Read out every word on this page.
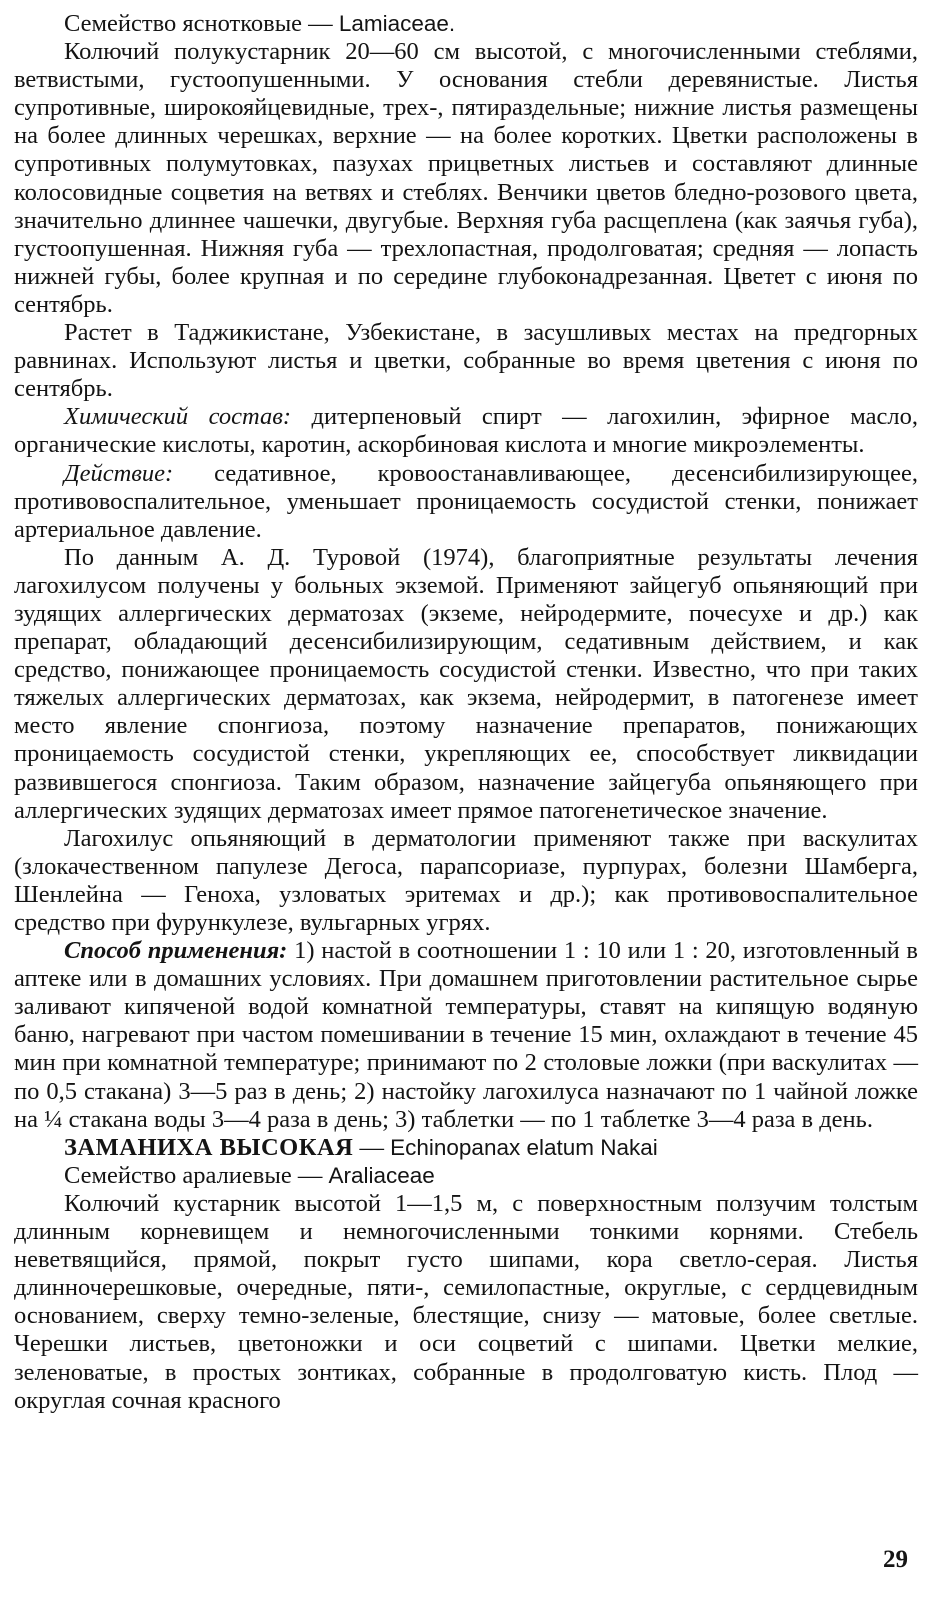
Семейство яснотковые — Lamiaceae.

Колючий полукустарник 20—60 см высотой, с многочисленными стеблями, ветвистыми, густоопушенными. У основания стебли деревянистые. Листья супротивные, широкояйцевидные, трех-, пятираздельные; нижние листья размещены на более длинных черешках, верхние — на более коротких. Цветки расположены в супротивных полумутовках, пазухах прицветных листьев и составляют длинные колосовидные соцветия на ветвях и стеблях. Венчики цветов бледно-розового цвета, значительно длиннее чашечки, двугубые. Верхняя губа расщеплена (как заячья губа), густоопушенная. Нижняя губа — трехлопастная, продолговатая; средняя — лопасть нижней губы, более крупная и по середине глубоконадрезанная. Цветет с июня по сентябрь.

Растет в Таджикистане, Узбекистане, в засушливых местах на предгорных равнинах. Используют листья и цветки, собранные во время цветения с июня по сентябрь.

Химический состав: дитерпеновый спирт — лагохилин, эфирное масло, органические кислоты, каротин, аскорбиновая кислота и многие микроэлементы.

Действие: седативное, кровоостанавливающее, десенсибилизирующее, противовоспалительное, уменьшает проницаемость сосудистой стенки, понижает артериальное давление.

По данным А. Д. Туровой (1974), благоприятные результаты лечения лагохилусом получены у больных экземой. Применяют зайцегуб опьяняющий при зудящих аллергических дерматозах (экземе, нейродермите, почесухе и др.) как препарат, обладающий десенсибилизирующим, седативным действием, и как средство, понижающее проницаемость сосудистой стенки. Известно, что при таких тяжелых аллергических дерматозах, как экзема, нейродермит, в патогенезе имеет место явление спонгиоза, поэтому назначение препаратов, понижающих проницаемость сосудистой стенки, укрепляющих ее, способствует ликвидации развившегося спонгиоза. Таким образом, назначение зайцегуба опьяняющего при аллергических зудящих дерматозах имеет прямое патогенетическое значение.

Лагохилус опьяняющий в дерматологии применяют также при васкулитах (злокачественном папулезе Дегоса, парапсориазе, пурпурах, болезни Шамберга, Шенлейна — Геноха, узловатых эритемах и др.); как противовоспалительное средство при фурункулезе, вульгарных угрях.

Способ применения: 1) настой в соотношении 1 : 10 или 1 : 20, изготовленный в аптеке или в домашних условиях. При домашнем приготовлении растительное сырье заливают кипяченой водой комнатной температуры, ставят на кипящую водяную баню, нагревают при частом помешивании в течение 15 мин, охлаждают в течение 45 мин при комнатной температуре; принимают по 2 столовые ложки (при васкулитах — по 0,5 стакана) 3—5 раз в день; 2) настойку лагохилуса назначают по 1 чайной ложке на ¼ стакана воды 3—4 раза в день; 3) таблетки — по 1 таблетке 3—4 раза в день.

ЗАМАНИХА ВЫСОКАЯ — Echinopanax elatum Nakai

Семейство аралиевые — Araliaceae

Колючий кустарник высотой 1—1,5 м, с поверхностным ползучим толстым длинным корневищем и немногочисленными тонкими корнями. Стебель неветвящийся, прямой, покрыт густо шипами, кора светло-серая. Листья длинночерешковые, очередные, пяти-, семилопастные, округлые, с сердцевидным основанием, сверху темно-зеленые, блестящие, снизу — матовые, более светлые. Черешки листьев, цветоножки и оси соцветий с шипами. Цветки мелкие, зеленоватые, в простых зонтиках, собранные в продолговатую кисть. Плод — округлая сочная красного

29
